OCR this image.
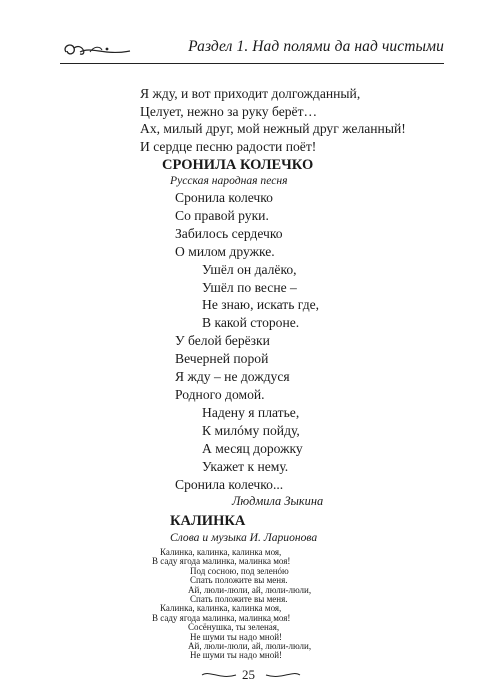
Раздел 1. Над полями да над чистыми
Я жду, и вот приходит долгожданный,
Целует, нежно за руку берёт…
Ах, милый друг, мой нежный друг желанный!
И сердце песню радости поёт!
СРОНИЛА КОЛЕЧКО
Русская народная песня
Сронила колечко
Со правой руки.
Забилось сердечко
О милом дружке.
Ушёл он далёко,
Ушёл по весне –
Не знаю, искать где,
В какой стороне.
У белой берёзки
Вечерней порой
Я жду – не дождуся
Родного домой.
Надену я платье,
К милóму пойду,
А месяц дорожку
Укажет к нему.
Сронила колечко...
Людмила Зыкина
КАЛИНКА
Слова и музыка И. Ларионова
25
Калинка, калинка, калинка моя,
В саду ягода малинка, малинка моя!
Под сосною, под зеленóю
Спать положите вы меня.
Ай, люли-люли, ай, люли-люли,
Спать положите вы меня.
Калинка, калинка, калинка моя,
В саду ягода малинка, малинка моя!
Сосёнушка, ты зелена́я,
Не шуми ты надо мной!
Ай, люли-люли, ай, люли-люли,
Не шуми ты надо мной!
